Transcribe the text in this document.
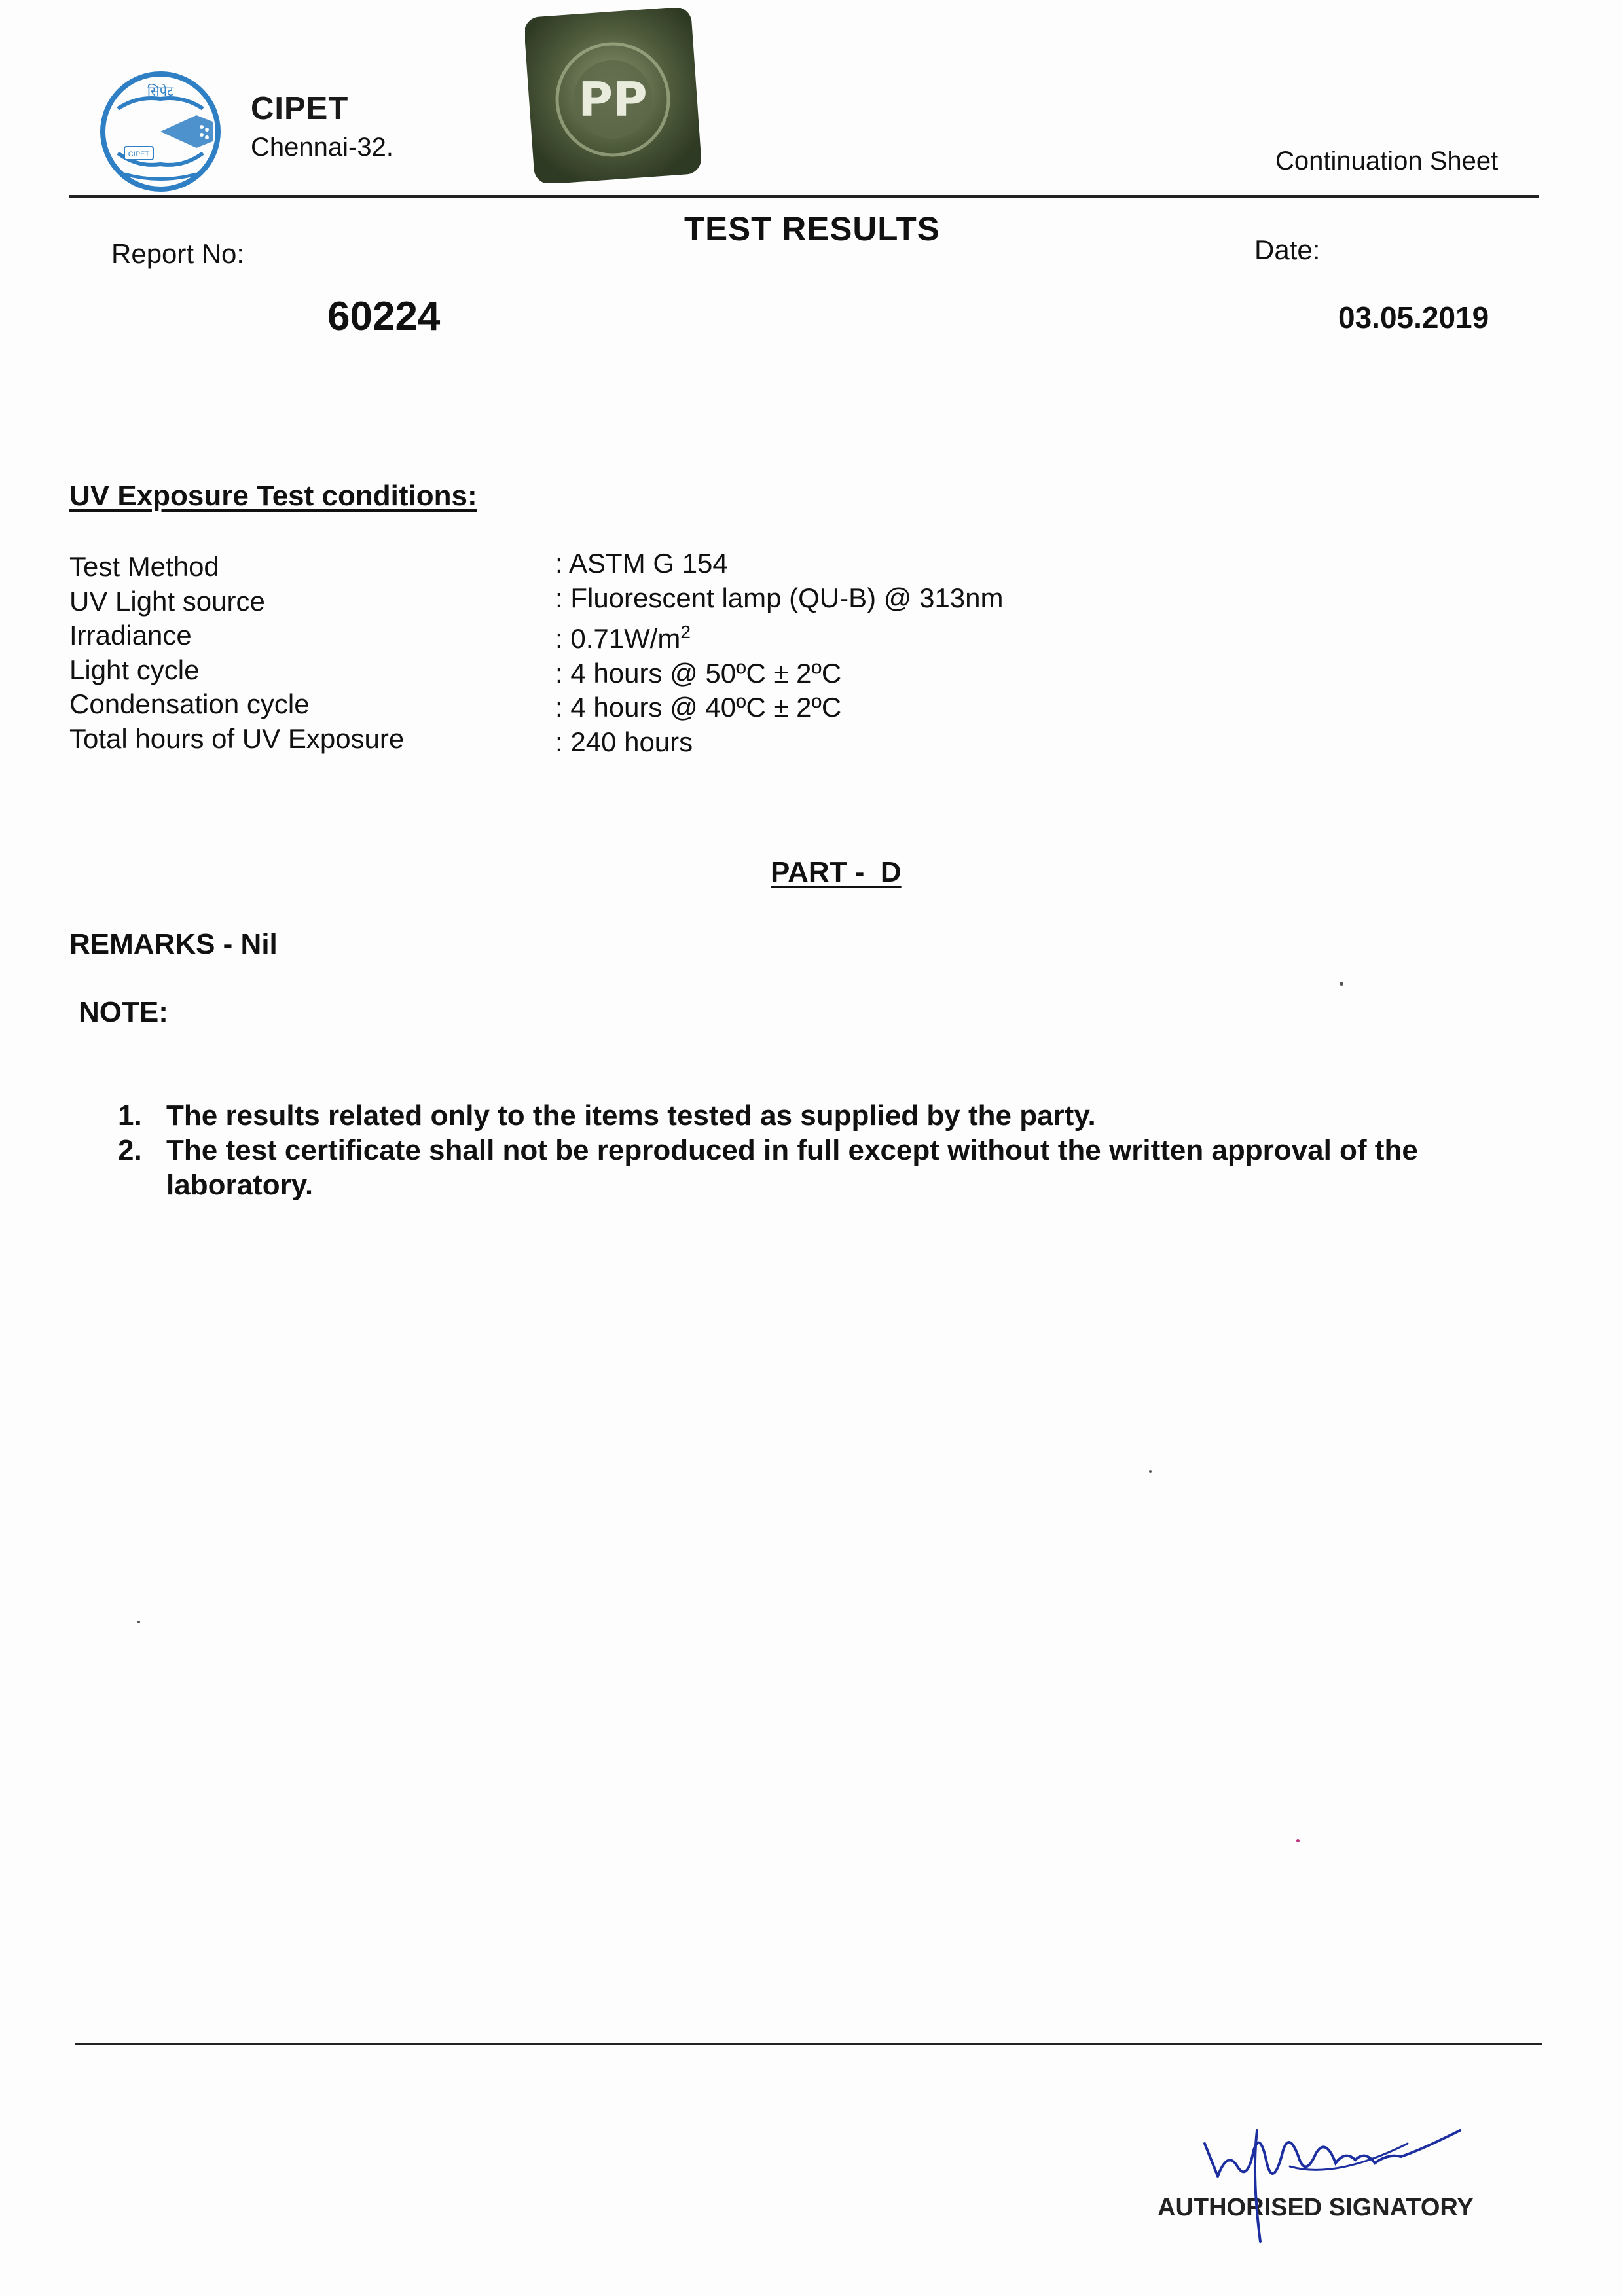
सिपेट
CIPET
CIPET
Chennai-32.
PP
Continuation Sheet
TEST RESULTS
Report No:	Date:
60224	03.05.2019
UV Exposure Test conditions:
Test Method
UV Light source
Irradiance
Light cycle
Condensation cycle
Total hours of UV Exposure
: ASTM G 154
: Fluorescent lamp (QU-B) @ 313nm
: $0.71W/m^2$
: 4 hours @ 50ºC ± 2ºC
: 4 hours @ 40ºC ± 2ºC
: 240 hours
PART -  D
REMARKS - Nil
NOTE:
1. The results related only to the items tested as supplied by the party.
2. The test certificate shall not be reproduced in full except without the written approval of the laboratory.
AUTHORISED SIGNATORY
